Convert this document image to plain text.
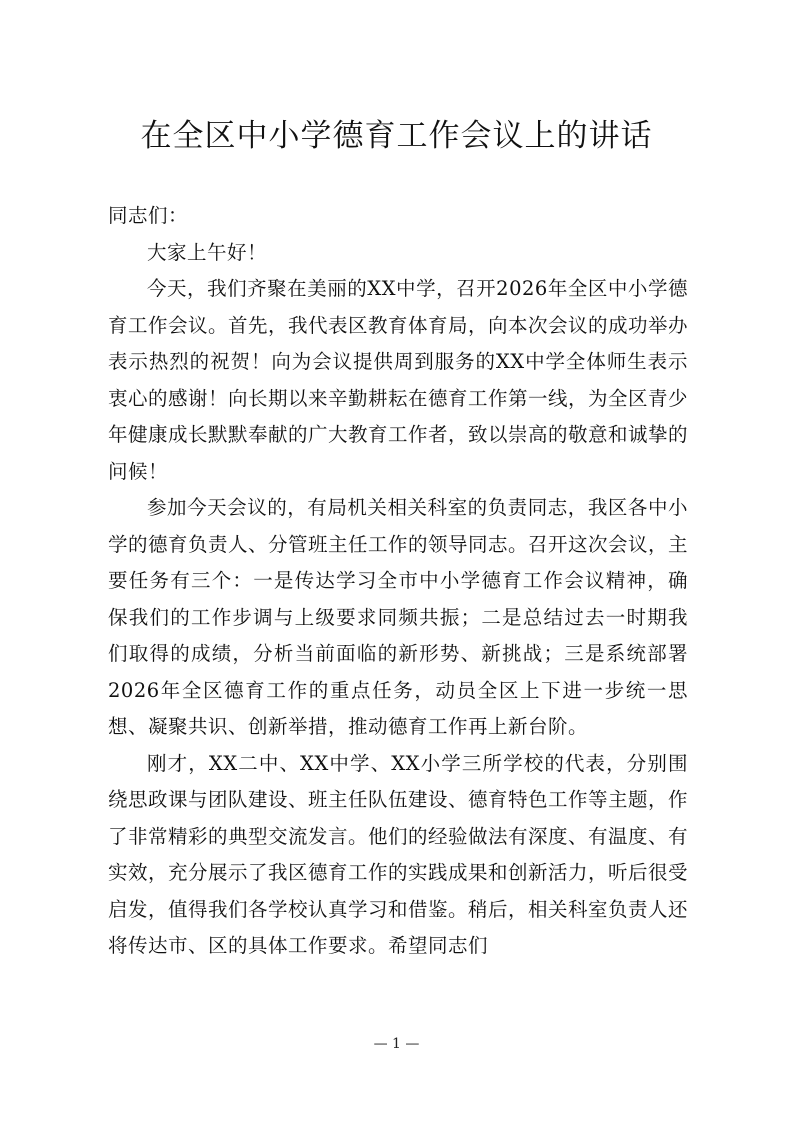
在全区中小学德育工作会议上的讲话

同志们：

大家上午好！

今天，我们齐聚在美丽的XX中学，召开2026年全区中小学德育工作会议。首先，我代表区教育体育局，向本次会议的成功举办表示热烈的祝贺！向为会议提供周到服务的XX中学全体师生表示衷心的感谢！向长期以来辛勤耕耘在德育工作第一线，为全区青少年健康成长默默奉献的广大教育工作者，致以崇高的敬意和诚挚的问候！

参加今天会议的，有局机关相关科室的负责同志，我区各中小学的德育负责人、分管班主任工作的领导同志。召开这次会议，主要任务有三个：一是传达学习全市中小学德育工作会议精神，确保我们的工作步调与上级要求同频共振；二是总结过去一时期我们取得的成绩，分析当前面临的新形势、新挑战；三是系统部署2026年全区德育工作的重点任务，动员全区上下进一步统一思想、凝聚共识、创新举措，推动德育工作再上新台阶。

刚才，XX二中、XX中学、XX小学三所学校的代表，分别围绕思政课与团队建设、班主任队伍建设、德育特色工作等主题，作了非常精彩的典型交流发言。他们的经验做法有深度、有温度、有实效，充分展示了我区德育工作的实践成果和创新活力，听后很受启发，值得我们各学校认真学习和借鉴。稍后，相关科室负责人还将传达市、区的具体工作要求。希望同志们

— 1 —
